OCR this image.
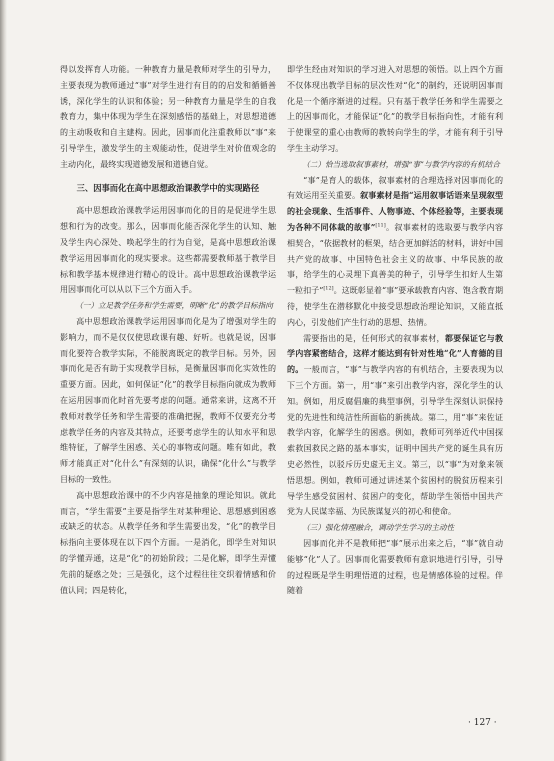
得以发挥育人功能。一种教育力量是教师对学生的引导力，主要表现为教师通过“事”对学生进行有目的的启发和循循善诱，深化学生的认识和体验；另一种教育力量是学生的自我教育力，集中体现为学生在深刻感悟的基础上，对思想道德的主动吸收和自主建构。因此，因事而化注重教师以“事”来引导学生，激发学生的主观能动性，促进学生对价值观念的主动内化，最终实现道德发展和道德自觉。

三、因事而化在高中思想政治课教学中的实现路径

高中思想政治课教学运用因事而化的目的是促进学生思想和行为的改变。那么，因事而化能否深化学生的认知、触及学生内心深处、唤起学生的行为自觉，是高中思想政治课教学运用因事而化的现实要求。这些都需要教师基于教学目标和教学基本规律进行精心的设计。高中思想政治课教学运用因事而化可以从以下三个方面入手。

（一）立足教学任务和学生需要，明晰“化”的教学目标指向

高中思想政治课教学运用因事而化是为了增强对学生的影响力，而不是仅仅使思政课有趣、好听。也就是说，因事而化要符合教学实际，不能脱离既定的教学目标。另外，因事而化是否有助于实现教学目标，是衡量因事而化实效性的重要方面。因此，如何保证“化”的教学目标指向就成为教师在运用因事而化时首先要考虑的问题。通常来讲，这离不开教师对教学任务和学生需要的准确把握，教师不仅要充分考虑教学任务的内容及其特点，还要考虑学生的认知水平和思维特征，了解学生困惑、关心的事物或问题。唯有如此，教师才能真正对“化什么”有深刻的认识，确保“化什么”与教学目标的一致性。

高中思想政治课中的不少内容是抽象的理论知识。就此而言，“学生需要”主要是指学生对某种理论、思想感到困惑或缺乏的状态。从教学任务和学生需要出发，“化”的教学目标指向主要体现在以下四个方面。一是消化，即学生对知识的学懂弄通，这是“化”的初始阶段；二是化解，即学生弄懂先前的疑惑之处；三是强化，这个过程往往交织着情感和价值认同；四是转化，

即学生经由对知识的学习进入对思想的领悟。以上四个方面不仅体现出教学目标的层次性对“化”的制约，还说明因事而化是一个循序渐进的过程。只有基于教学任务和学生需要之上的因事而化，才能保证“化”的教学目标指向性，才能有利于使课堂的重心由教师的教转向学生的学，才能有利于引导学生主动学习。

（二）恰当选取叙事素材，增强“事”与教学内容的有机结合

“事”是育人的载体，叙事素材的合理选择对因事而化的有效运用至关重要。叙事素材是指“运用叙事话语来呈现叙型的社会现象、生活事件、人物事迹、个体经验等，主要表现为各种不同体裁的故事”[11]。叙事素材的选取要与教学内容相契合，“依据教材的框架，结合更加鲜活的材料，讲好中国共产党的故事、中国特色社会主义的故事、中华民族的故事，给学生的心灵埋下真善美的种子，引导学生扣好人生第一粒扣子”[12]。这既彰显着“事”要承载教育内容、饱含教育期待，使学生在潜移默化中接受思想政治理论知识，又能直抵内心，引发他们产生行动的思想、热情。

需要指出的是，任何形式的叙事素材，都要保证它与教学内容紧密结合，这样才能达到有针对性地“化”人育德的目的。一般而言，“事”与教学内容的有机结合，主要表现为以下三个方面。第一，用“事”来引出教学内容，深化学生的认知。例如，用反腐倡廉的典型事例，引导学生深刻认识保持党的先进性和纯洁性所面临的新挑战。第二，用“事”来佐证教学内容，化解学生的困惑。例如，教师可列举近代中国探索救国救民之路的基本事实，证明中国共产党的诞生具有历史必然性，以驳斥历史虚无主义。第三，以“事”为对象来领悟思想。例如，教师可通过讲述某个贫困村的脱贫历程来引导学生感受贫困村、贫困户的变化，帮助学生领悟中国共产党为人民谋幸福、为民族谋复兴的初心和使命。

（三）强化情理融合，调动学生学习的主动性

因事而化并不是教师把“事”展示出来之后，“事”就自动能够“化”人了。因事而化需要教师有意识地进行引导，引导的过程既是学生明理悟道的过程，也是情感体验的过程。伴随着

· 127 ·
